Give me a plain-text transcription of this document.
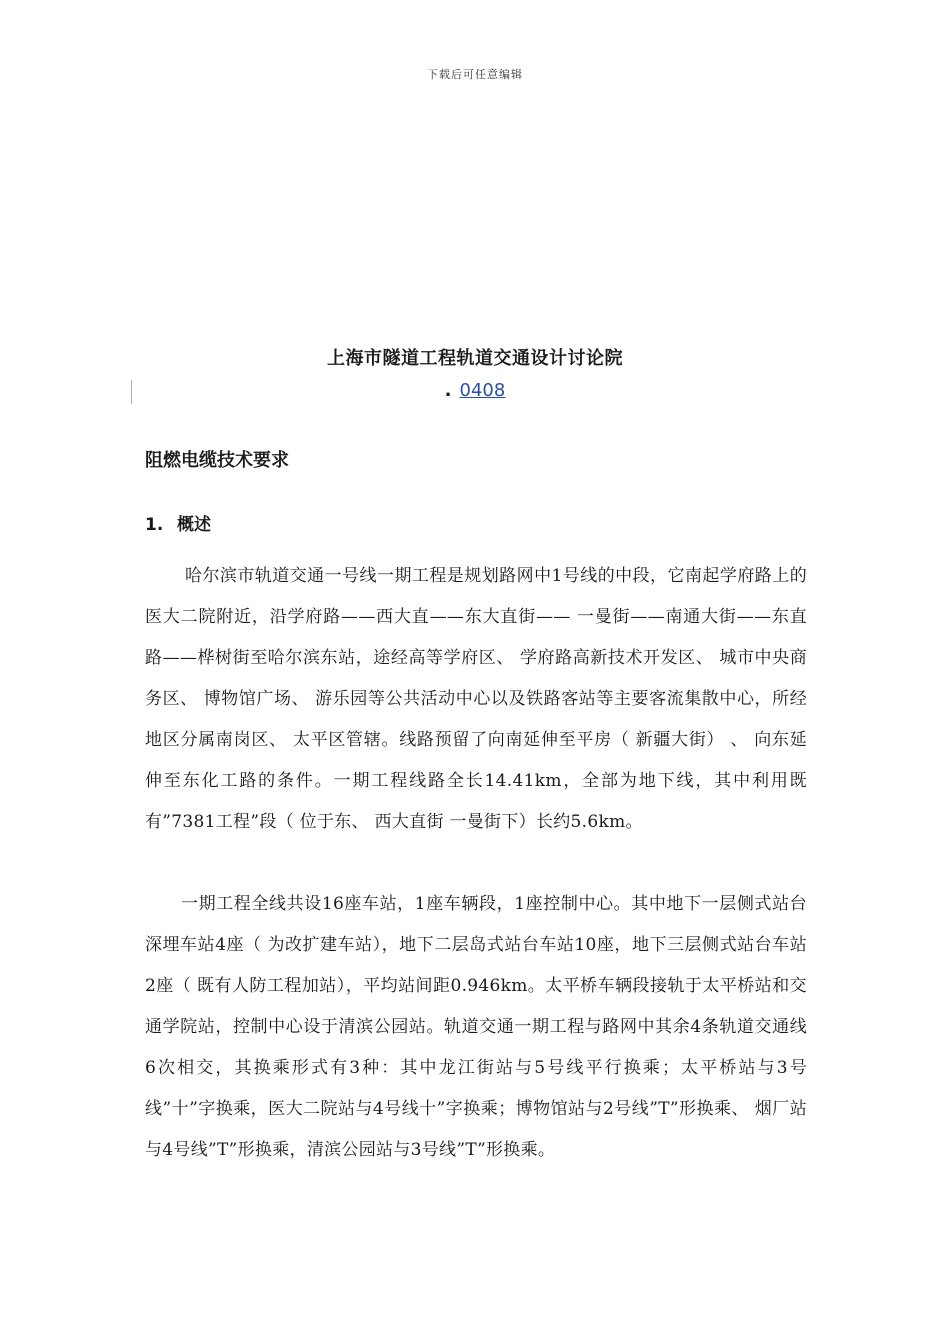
下载后可任意编辑
上海市隧道工程轨道交通设计讨论院
. 0408
阻燃电缆技术要求
1. 概述

哈尔滨市轨道交通一号线一期工程是规划路网中1号线的中段，它南起学府路上的医大二院附近，沿学府路——西大直——东大直街—— 一曼街——南通大街——东直路——桦树街至哈尔滨东站，途经高等学府区、 学府路高新技术开发区、 城市中央商务区、 博物馆广场、 游乐园等公共活动中心以及铁路客站等主要客流集散中心，所经地区分属南岗区、 太平区管辖。线路预留了向南延伸至平房（ 新疆大街） 、 向东延伸至东化工路的条件。一期工程线路全长14.41km，全部为地下线，其中利用既有”7381工程”段（ 位于东、 西大直街 一曼街下）长约5.6km。

一期工程全线共设16座车站，1座车辆段，1座控制中心。其中地下一层侧式站台深埋车站4座（ 为改扩建车站），地下二层岛式站台车站10座，地下三层侧式站台车站2座（ 既有人防工程加站），平均站间距0.946km。太平桥车辆段接轨于太平桥站和交通学院站，控制中心设于清滨公园站。轨道交通一期工程与路网中其余4条轨道交通线6次相交，其换乘形式有3种：其中龙江街站与5号线平行换乘；太平桥站与3号线”十”字换乘，医大二院站与4号线十”字换乘；博物馆站与2号线”T”形换乘、 烟厂站与4号线”T”形换乘，清滨公园站与3号线”T”形换乘。
